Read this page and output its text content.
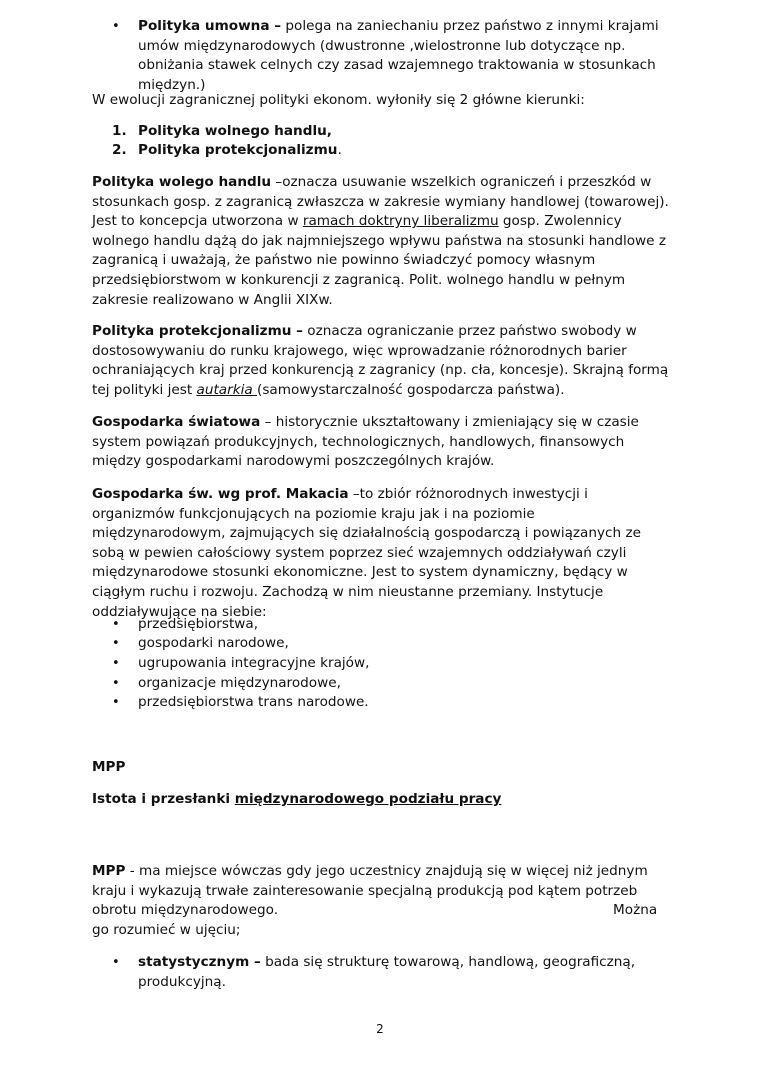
• Polityka umowna – polega na zaniechaniu przez państwo z innymi krajami umów międzynarodowych (dwustronne ,wielostronne lub dotyczące np. obniżania stawek celnych czy zasad wzajemnego traktowania w stosunkach międzyn.)

W ewolucji zagranicznej polityki ekonom. wyłoniły się 2 główne kierunki:

1. Polityka wolnego handlu,
2. Polityka protekcjonalizmu.

Polityka wolego handlu –oznacza usuwanie wszelkich ograniczeń i przeszkód w stosunkach gosp. z zagranicą zwłaszcza w zakresie wymiany handlowej (towarowej). Jest to koncepcja utworzona w ramach doktryny liberalizmu gosp. Zwolennicy wolnego handlu dążą do jak najmniejszego wpływu państwa na stosunki handlowe z zagranicą i uważają, że państwo nie powinno świadczyć pomocy własnym przedsiębiorstwom w konkurencji z zagranicą. Polit. wolnego handlu w pełnym zakresie realizowano w Anglii XIXw.

Polityka protekcjonalizmu – oznacza ograniczanie przez państwo swobody w dostosowywaniu do runku krajowego, więc wprowadzanie różnorodnych barier ochraniających kraj przed konkurencją z zagranicy (np. cła, koncesje). Skrajną formą tej polityki jest autarkia (samowystarczalność gospodarcza państwa).

Gospodarka światowa – historycznie ukształtowany i zmieniający się w czasie system powiązań produkcyjnych, technologicznych, handlowych, finansowych między gospodarkami narodowymi poszczególnych krajów.

Gospodarka św. wg prof. Makacia –to zbiór różnorodnych inwestycji i organizmów funkcjonujących na poziomie kraju jak i na poziomie międzynarodowym, zajmujących się działalnością gospodarczą i powiązanych ze sobą w pewien całościowy system poprzez sieć wzajemnych oddziaływań czyli międzynarodowe stosunki ekonomiczne. Jest to system dynamiczny, będący w ciągłym ruchu i rozwoju. Zachodzą w nim nieustanne przemiany. Instytucje oddziaływujące na siebie:

• przedsiębiorstwa,
• gospodarki narodowe,
• ugrupowania integracyjne krajów,
• organizacje międzynarodowe,
• przedsiębiorstwa trans narodowe.

MPP

Istota i przesłanki międzynarodowego podziału pracy

MPP - ma miejsce wówczas gdy jego uczestnicy znajdują się w więcej niż jednym kraju i wykazują trwałe zainteresowanie specjalną produkcją pod kątem potrzeb obrotu międzynarodowego.	Można go rozumieć w ujęciu;

• statystycznym – bada się strukturę towarową, handlową, geograficzną, produkcyjną.
2
